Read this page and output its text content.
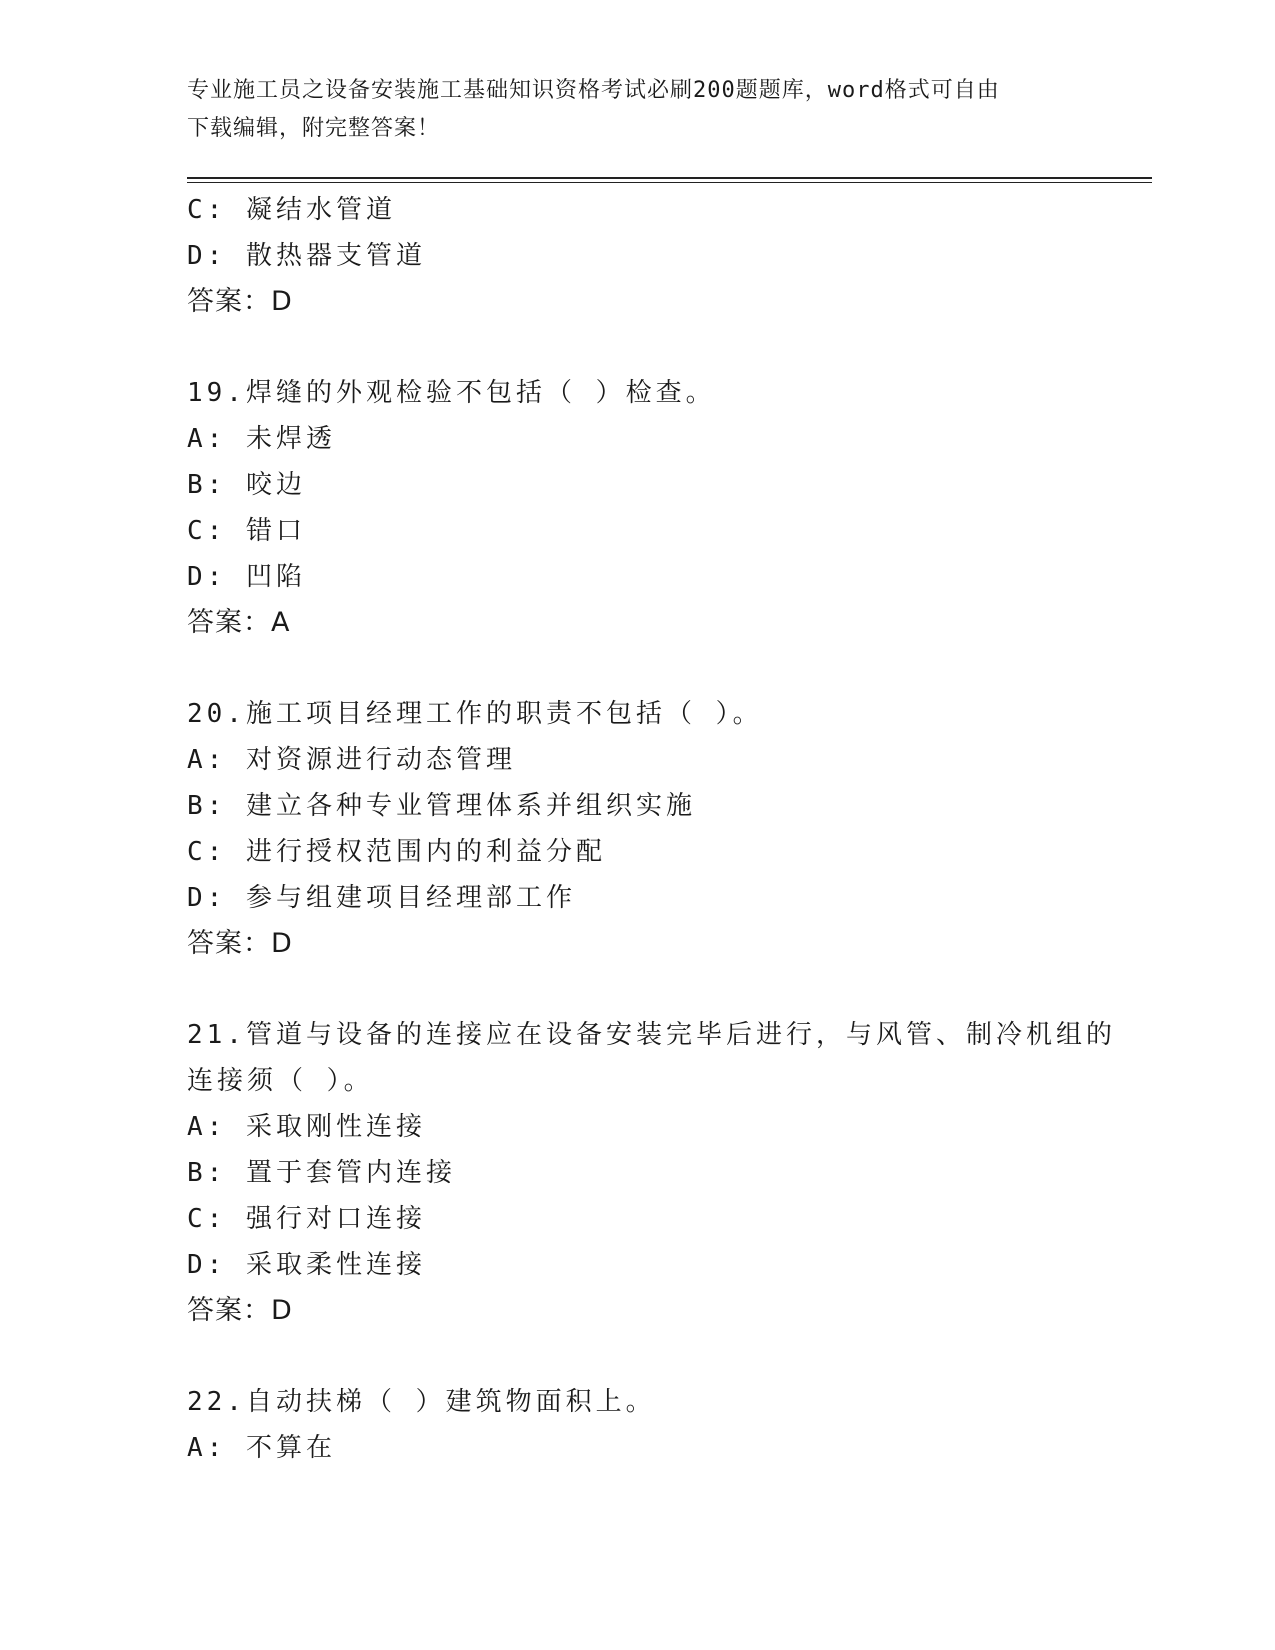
专业施工员之设备安装施工基础知识资格考试必刷200题题库，word格式可自由
下载编辑，附完整答案！
C: 凝结水管道
D: 散热器支管道
答案：D
19.焊缝的外观检验不包括（ ）检查。
A: 未焊透
B: 咬边
C: 错口
D: 凹陷
答案：A
20.施工项目经理工作的职责不包括（ ）。
A: 对资源进行动态管理
B: 建立各种专业管理体系并组织实施
C: 进行授权范围内的利益分配
D: 参与组建项目经理部工作
答案：D
21.管道与设备的连接应在设备安装完毕后进行，与风管、制冷机组的
连接须（ ）。
A: 采取刚性连接
B: 置于套管内连接
C: 强行对口连接
D: 采取柔性连接
答案：D
22.自动扶梯（ ）建筑物面积上。
A: 不算在
